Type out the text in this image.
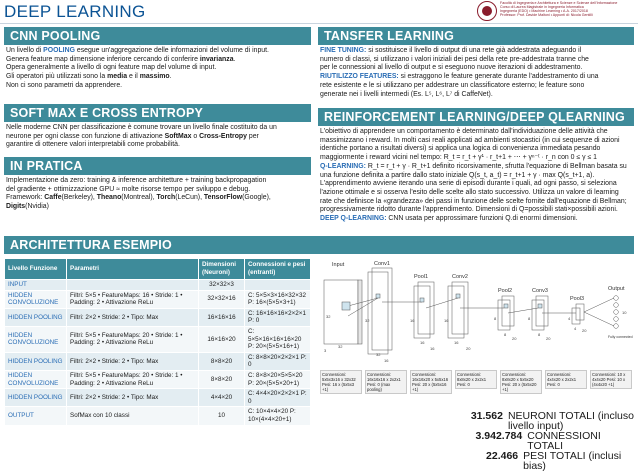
DEEP LEARNING	Facoltà di Ingegneria e Architettura e Scienze e Scienze dell'Informazione
Corso di Laurea Magistrale in Ingegneria Informatica
Ingegneria (EDO) • Machine Learning • A.A. 2017/2018
Professor: Prof. Davide Maltoni • Appunti di: Nicola Gentilli
CNN POOLING
Un livello di POOLING esegue un'aggregazione delle informazioni del volume di input.
Genera feature map dimensione inferiore cercando di conferire invarianza.
Opera generalmente a livello di ogni feature map del volume di input.
Gli operatori più utilizzati sono la media e il massimo.
Non ci sono parametri da apprendere.
SOFT MAX E CROSS ENTROPY
Nelle moderne CNN per classificazione è comune trovare un livello finale costituito da un
neurone per ogni classe con funzione di attivazione SoftMax o Cross-Entropy per
garantire di ottenere valori interpretabili come probabilità.
IN PRATICA
Implementazione da zero: training & inference architetture + training backpropagation
del gradiente + ottimizzazione GPU ≈ molte risorse tempo per sviluppo e debug.
Framework: Caffe(Berkeley), Theano(Montreal), Torch(LeCun), TensorFlow(Google), Digits(Nvidia)
TANSFER LEARNING
FINE TUNING: si sostituisce il livello di output di una rete già addestrata adeguando il
numero di classi, si utilizzano i valori iniziali dei pesi della rete pre-addestrata tranne che
per le connessioni al livello di output e si eseguono nuove iterazioni di addestramento.
RIUTILIZZO FEATURES: si estraggono le feature generate durante l'addestramento di una
rete esistente e le si utilizzano per addestrare un classificatore esterno; le feature sono
generate nei i livelli intermedi (Es. L⁵, L⁶, L⁷ di CaffeNet).
REINFORCEMENT LEARNING/DEEP QLEARNING
L'obiettivo di apprendere un comportamento è determinato dall'individuazione delle attività che
massimizzano i reward. In molti casi reali applicati ad ambienti stocastici (in cui sequenze di azioni
identiche portano a risultati diversi) si applica una logica di convenienza immediata pesando
maggiormente i reward vicini nel tempo: R_t = r_t + γ¹ · r_t+1 + ⋯ + γⁿ⁻ᵗ · r_n con 0 ≤ γ ≤ 1
Q-LEARNING: R_t = r_t + γ · R_t+1 definito ricorsivamente, sfrutta l'equazione di Bellman basata su
una funzione definita a partire dallo stato iniziale Q(s_t, a_t) = r_t+1 + γ · max Q(s_t+1, a).
L'apprendimento avviene iterando una serie di episodi durante i quali, ad ogni passo, si seleziona
l'azione ottimale e si osserva l'esito delle scelte allo stato successivo. Utilizza un valore di learning
rate che definisce la «grandezza» dei passi in funzione delle scelte fornite dall'equazione di Bellman;
progressivamente ridotto durante l'apprendimento. Dimensioni di Q=possibili stati×possibili azioni.
DEEP Q-LEARNING: CNN usata per approssimare funzioni Q.di enormi dimensioni.
ARCHITETTURA ESEMPIO
Livello Funzione	Parametri	Dimensioni (Neuroni)	Connessioni e pesi (entranti)
INPUT		32×32×3	
HIDDEN CONVOLUZIONE	Filtri: 5×5 • FeatureMaps: 16 • Stride: 1 • Padding: 2 • Attivazione ReLu	32×32×16	C: 5×5×3×16×32×32 P: 16×(5×5×3+1)
HIDDEN POOLING	Filtri: 2×2 • Stride: 2 • Tipo: Max	16×16×16	C: 16×16×16×2×2×1 P: 0
HIDDEN CONVOLUZIONE	Filtri: 5×5 • FeatureMaps: 20 • Stride: 1 • Padding: 2 • Attivazione ReLu	16×16×20	C: 5×5×16×16×16×20 P: 20×(5×5×16+1)
HIDDEN POOLING	Filtri: 2×2 • Stride: 2 • Tipo: Max	8×8×20	C: 8×8×20×2×2×1 P: 0
HIDDEN CONVOLUZIONE	Filtri: 5×5 • FeatureMaps: 20 • Stride: 1 • Padding: 2 • Attivazione ReLu	8×8×20	C: 8×8×20×5×5×20 P: 20×(5×5×20+1)
HIDDEN POOLING	Filtri: 2×2 • Stride: 2 • Tipo: Max	4×4×20	C: 4×4×20×2×2×1 P: 0
OUTPUT	SofMax con 10 classi	10	C: 10×4×4×20 P: 10×(4×4×20+1)
Input	Conv1
Pool1	Conv2
Pool2	Conv3
Pool3
Output
Fully connected
32
32
3
32
32
16
16
16
16
16
16
20
8
8
20
8
8
20
4
4 20
10
Connessioni: 5x5x3x16 x 32x32 Pesi: 16 x (5x5x3 +1)
Connessioni: 16x16x16 x 2x2x1 Pesi: 0 (max pooling)
Connessioni: 16x16x20 x 5x5x16 Pesi: 20 x (5x5x16 +1)
Connessioni: 8x8x20 x 2x2x1 Pesi: 0
Connessioni: 8x8x20 x 5x5x20 Pesi: 20 x (5x5x20 +1)
Connessioni: 4x4x20 x 2x2x1 Pesi: 0
Connessioni: 10 x 4x4x20 Pesi: 10 x (4x4x20 +1)
31.562 NEURONI TOTALI (incluso livello input)
3.942.784 CONNESSIONI TOTALI
22.466 PESI TOTALI (inclusi bias)
